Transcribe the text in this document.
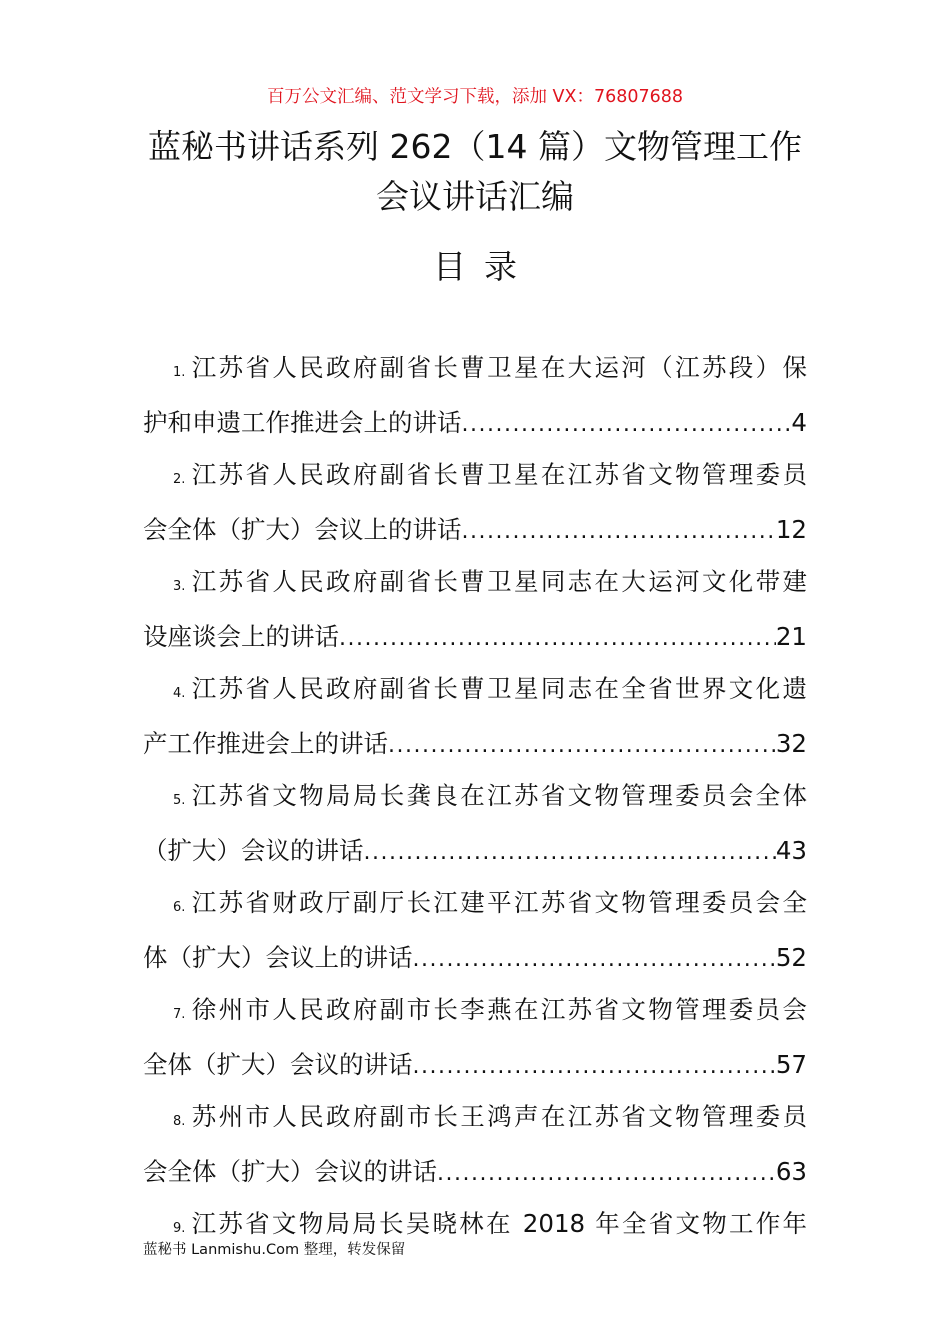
百万公文汇编、范文学习下载，添加 VX：76807688
蓝秘书讲话系列 262（14 篇）文物管理工作会议讲话汇编
目录
1. 江苏省人民政府副省长曹卫星在大运河（江苏段）保
护和申遗工作推进会上的讲话 .....	4
2. 江苏省人民政府副省长曹卫星在江苏省文物管理委员
会全体（扩大）会议上的讲话 .....	12
3. 江苏省人民政府副省长曹卫星同志在大运河文化带建
设座谈会上的讲话 .....	21
4. 江苏省人民政府副省长曹卫星同志在全省世界文化遗
产工作推进会上的讲话 .....	32
5. 江苏省文物局局长龚良在江苏省文物管理委员会全体
（扩大）会议的讲话 .....	43
6. 江苏省财政厅副厅长江建平江苏省文物管理委员会全
体（扩大）会议上的讲话 .....	52
7. 徐州市人民政府副市长李燕在江苏省文物管理委员会
全体（扩大）会议的讲话 .....	57
8. 苏州市人民政府副市长王鸿声在江苏省文物管理委员
会全体（扩大）会议的讲话 .....	63
9. 江苏省文物局局长吴晓林在 2018 年全省文物工作年
蓝秘书 Lanmishu.Com 整理，转发保留
